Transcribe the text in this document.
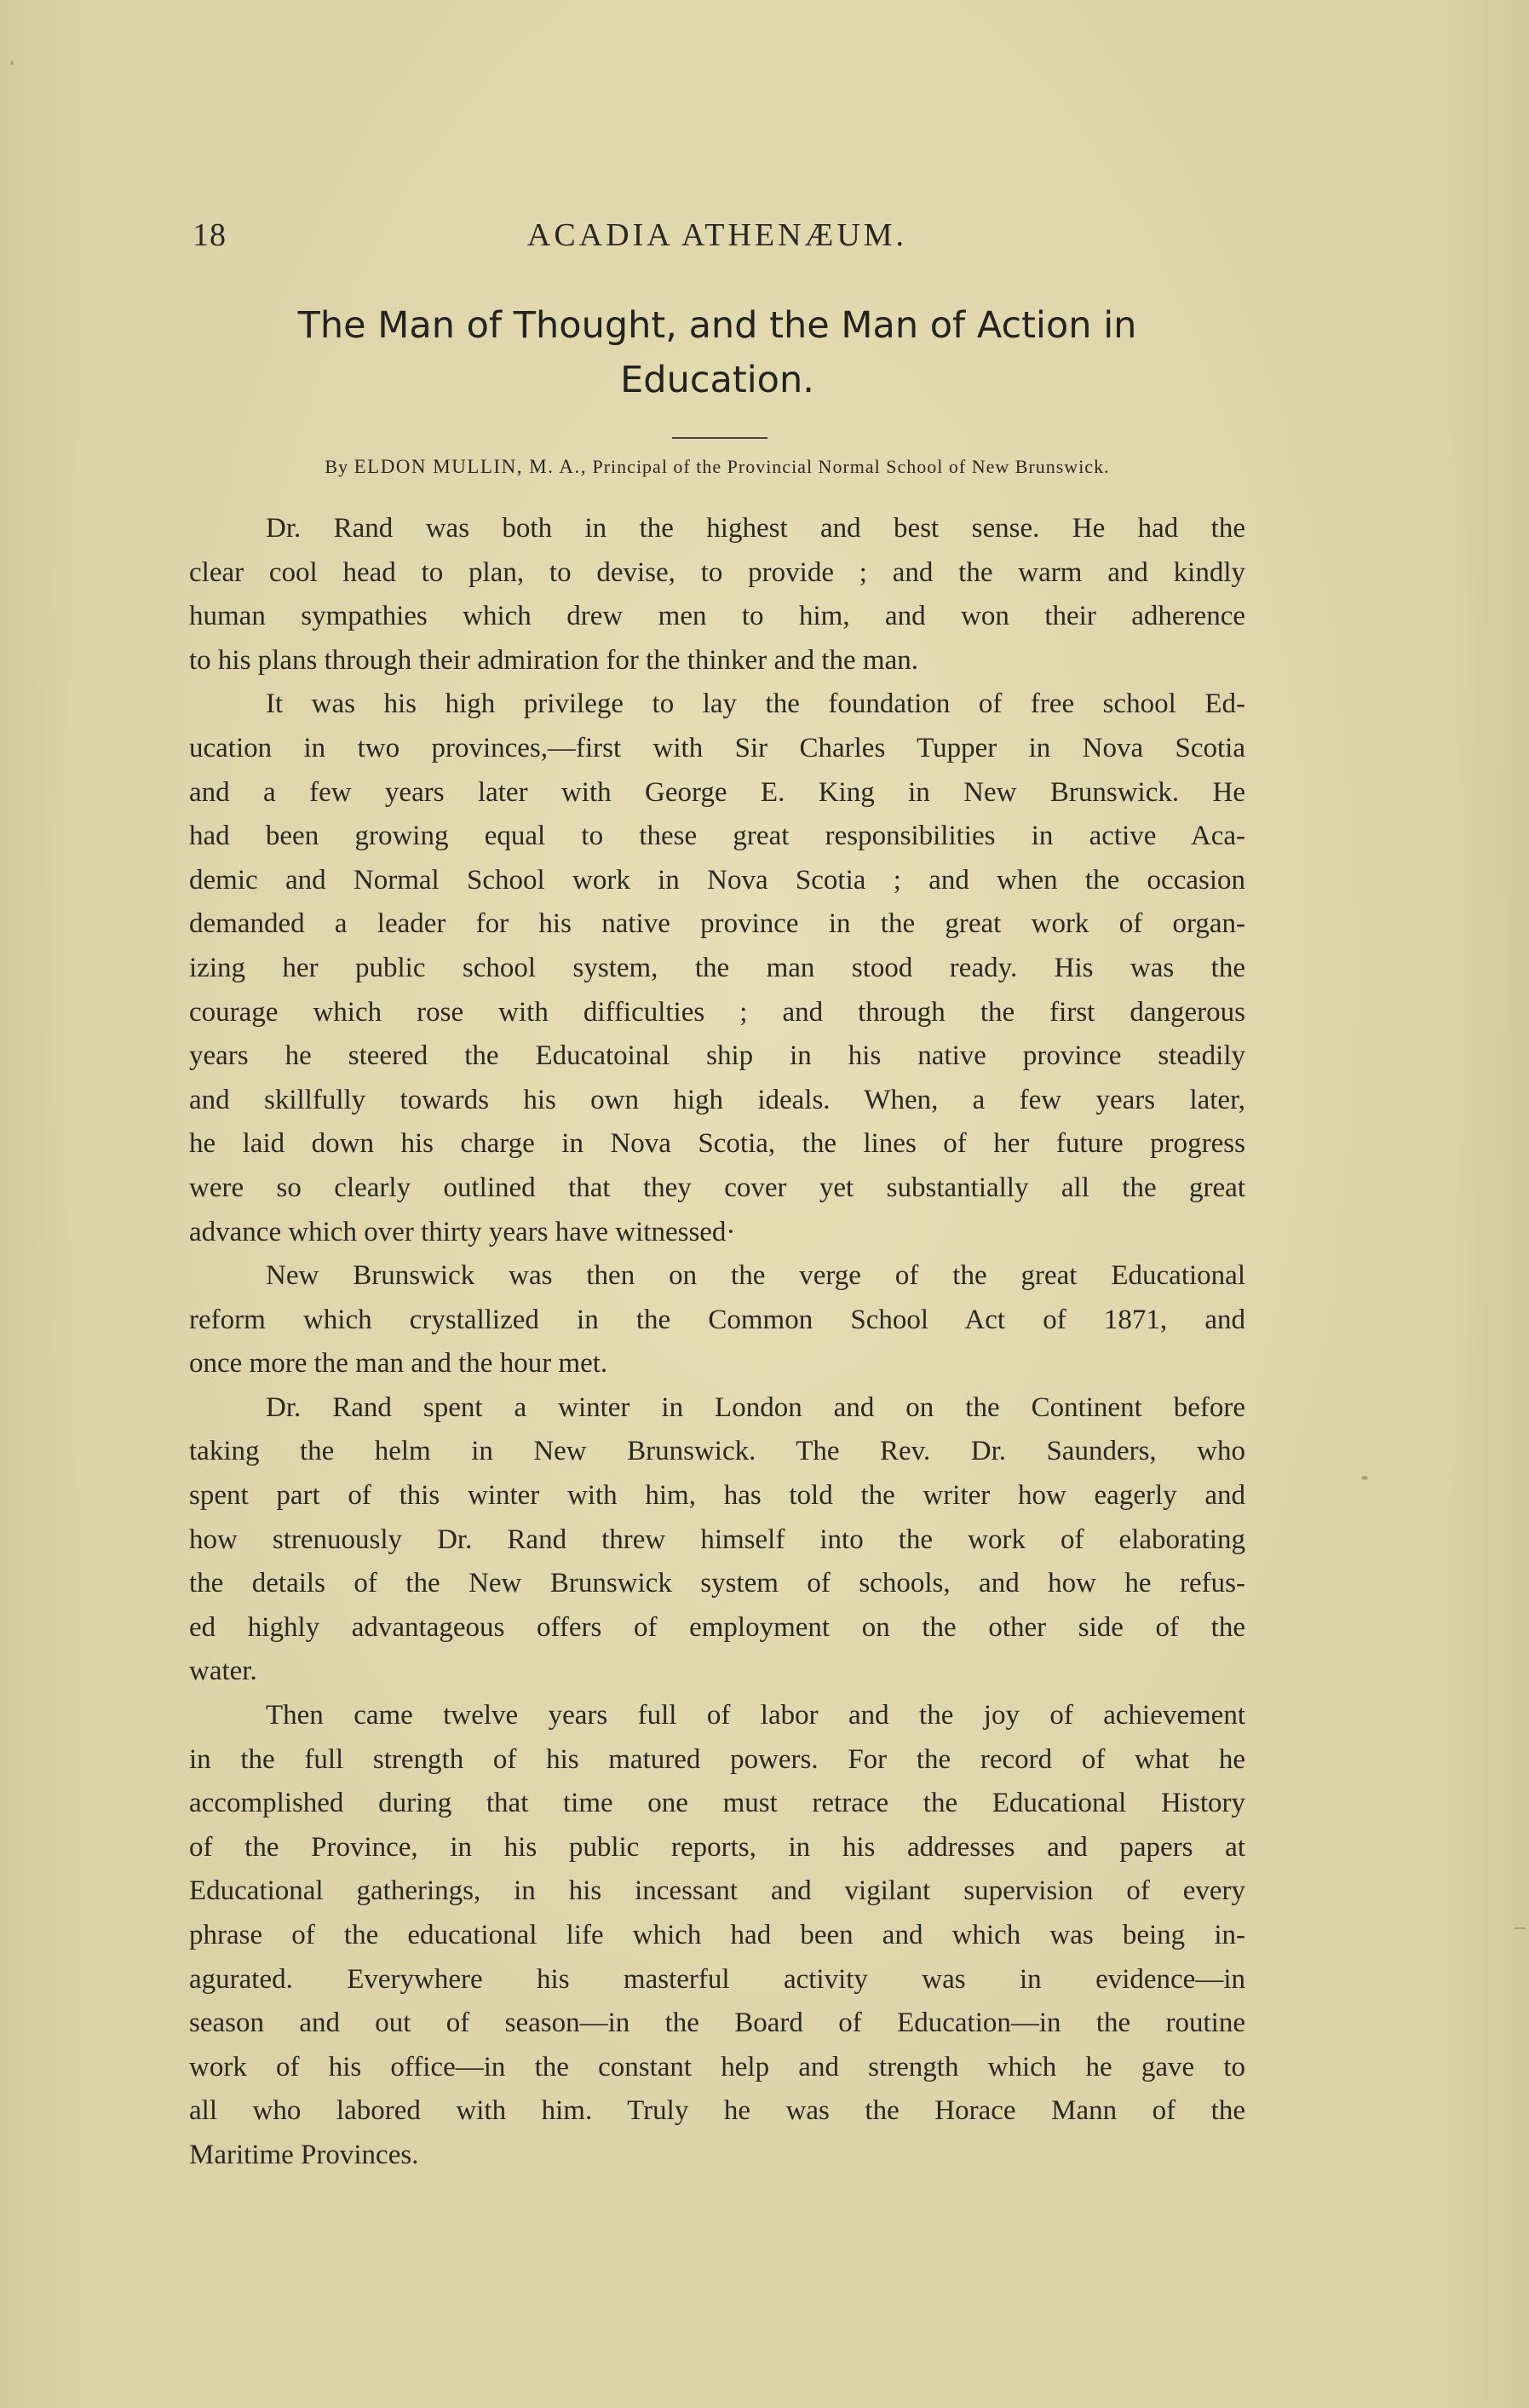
18	ACADIA ATHENÆUM.
The Man of Thought, and the Man of Action in
Education.
By ELDON MULLIN, M. A., Principal of the Provincial Normal School of New Brunswick.
Dr. Rand was both in the highest and best sense. He had the
clear cool head to plan, to devise, to provide ; and the warm and kindly
human sympathies which drew men to him, and won their adherence
to his plans through their admiration for the thinker and the man.
It was his high privilege to lay the foundation of free school Ed-
ucation in two provinces,—first with Sir Charles Tupper in Nova Scotia
and a few years later with George E. King in New Brunswick. He
had been growing equal to these great responsibilities in active Aca-
demic and Normal School work in Nova Scotia ; and when the occasion
demanded a leader for his native province in the great work of organ-
izing her public school system, the man stood ready. His was the
courage which rose with difficulties ; and through the first dangerous
years he steered the Educatoinal ship in his native province steadily
and skillfully towards his own high ideals. When, a few years later,
he laid down his charge in Nova Scotia, the lines of her future progress
were so clearly outlined that they cover yet substantially all the great
advance which over thirty years have witnessed·
New Brunswick was then on the verge of the great Educational
reform which crystallized in the Common School Act of 1871, and
once more the man and the hour met.
Dr. Rand spent a winter in London and on the Continent before
taking the helm in New Brunswick. The Rev. Dr. Saunders, who
spent part of this winter with him, has told the writer how eagerly and
how strenuously Dr. Rand threw himself into the work of elaborating
the details of the New Brunswick system of schools, and how he refus-
ed highly advantageous offers of employment on the other side of the
water.
Then came twelve years full of labor and the joy of achievement
in the full strength of his matured powers. For the record of what he
accomplished during that time one must retrace the Educational History
of the Province, in his public reports, in his addresses and papers at
Educational gatherings, in his incessant and vigilant supervision of every
phrase of the educational life which had been and which was being in-
agurated. Everywhere his masterful activity was in evidence—in
season and out of season—in the Board of Education—in the routine
work of his office—in the constant help and strength which he gave to
all who labored with him. Truly he was the Horace Mann of the
Maritime Provinces.
